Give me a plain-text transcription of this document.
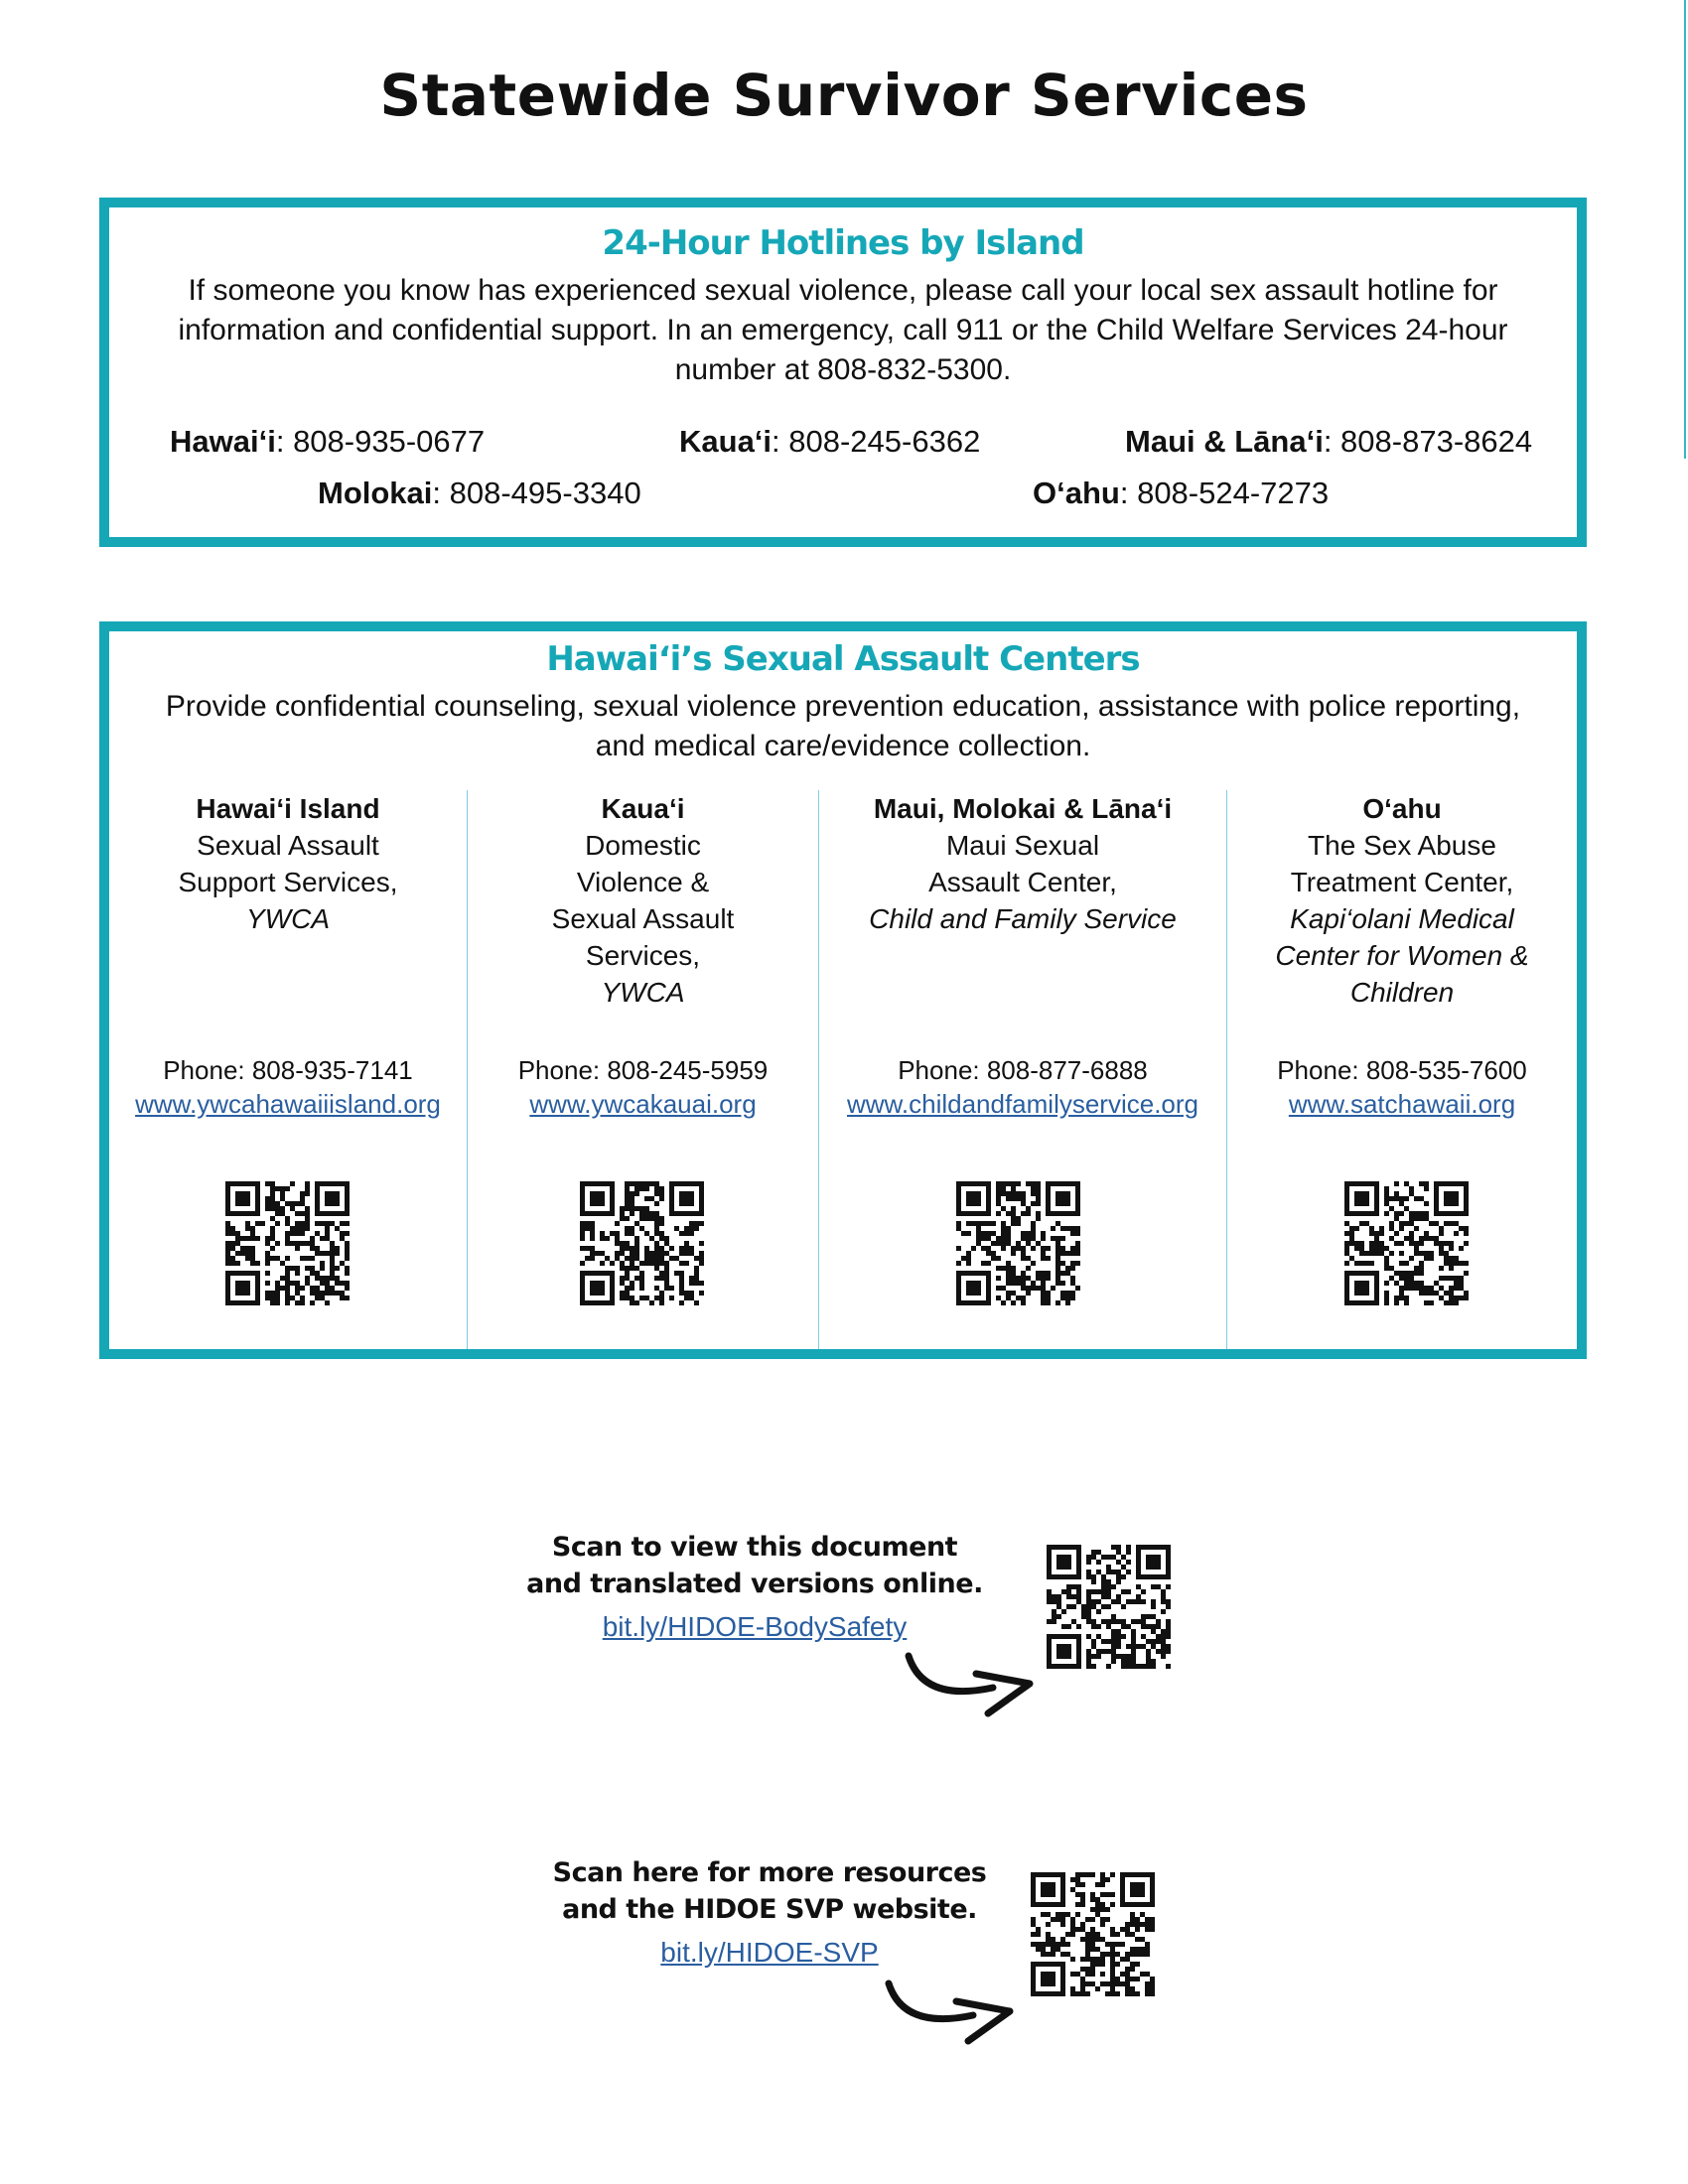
Statewide Survivor Services
24-Hour Hotlines by Island

If someone you know has experienced sexual violence, please call your local sex assault hotline for information and confidential support. In an emergency, call 911 or the Child Welfare Services 24-hour number at 808-832-5300.

Hawai‘i: 808-935-0677	Kaua‘i: 808-245-6362	Maui & Lāna‘i: 808-873-8624
Molokai: 808-495-3340	O‘ahu: 808-524-7273
Hawai‘i’s Sexual Assault Centers

Provide confidential counseling, sexual violence prevention education, assistance with police reporting, and medical care/evidence collection.

Hawai‘i Island
Sexual Assault Support Services,
YWCA
Phone: 808-935-7141
www.ywcahawaiiisland.org
Kaua‘i
Domestic Violence & Sexual Assault Services,
YWCA
Phone: 808-245-5959
www.ywcakauai.org
Maui, Molokai & Lāna‘i
Maui Sexual Assault Center,
Child and Family Service
Phone: 808-877-6888
www.childandfamilyservice.org
O‘ahu
The Sex Abuse Treatment Center,
Kapi‘olani Medical Center for Women & Children
Phone: 808-535-7600
www.satchawaii.org
Scan to view this document
and translated versions online.
bit.ly/HIDOE-BodySafety
Scan here for more resources
and the HIDOE SVP website.
bit.ly/HIDOE-SVP
